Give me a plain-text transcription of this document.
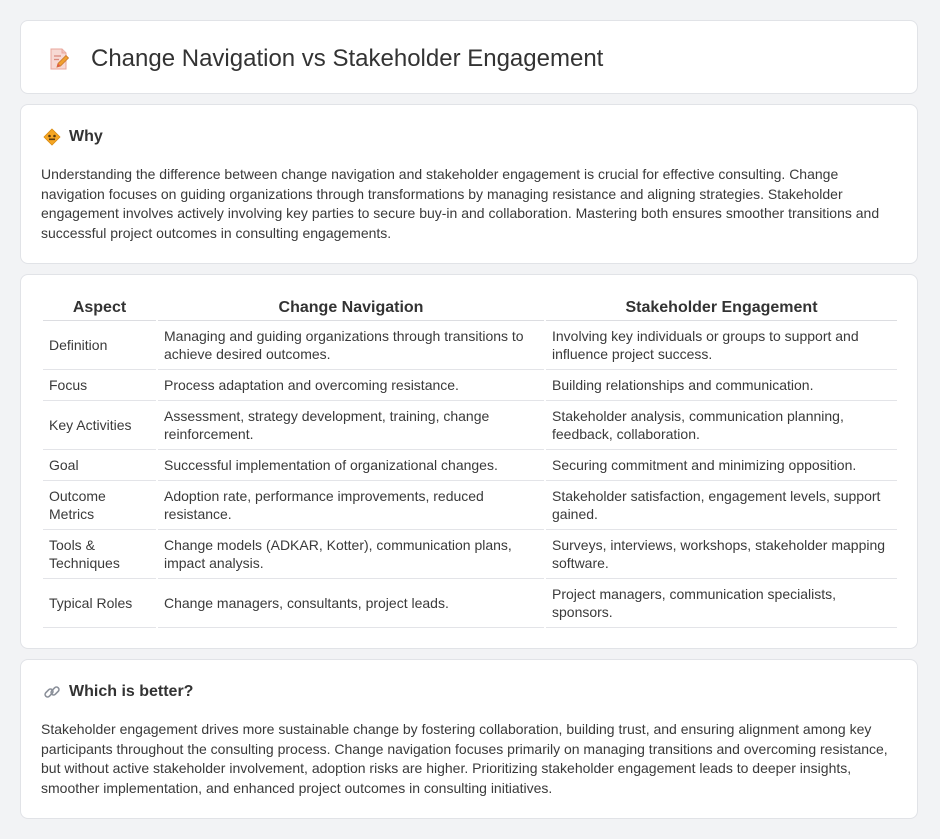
Change Navigation vs Stakeholder Engagement
Why

Understanding the difference between change navigation and stakeholder engagement is crucial for effective consulting. Change navigation focuses on guiding organizations through transformations by managing resistance and aligning strategies. Stakeholder engagement involves actively involving key parties to secure buy-in and collaboration. Mastering both ensures smoother transitions and successful project outcomes in consulting engagements.

Aspect	Change Navigation	Stakeholder Engagement
Definition	Managing and guiding organizations through transitions to achieve desired outcomes.	Involving key individuals or groups to support and influence project success.
Focus	Process adaptation and overcoming resistance.	Building relationships and communication.
Key Activities	Assessment, strategy development, training, change reinforcement.	Stakeholder analysis, communication planning, feedback, collaboration.
Goal	Successful implementation of organizational changes.	Securing commitment and minimizing opposition.
Outcome Metrics	Adoption rate, performance improvements, reduced resistance.	Stakeholder satisfaction, engagement levels, support gained.
Tools & Techniques	Change models (ADKAR, Kotter), communication plans, impact analysis.	Surveys, interviews, workshops, stakeholder mapping software.
Typical Roles	Change managers, consultants, project leads.	Project managers, communication specialists, sponsors.
Which is better?

Stakeholder engagement drives more sustainable change by fostering collaboration, building trust, and ensuring alignment among key participants throughout the consulting process. Change navigation focuses primarily on managing transitions and overcoming resistance, but without active stakeholder involvement, adoption risks are higher. Prioritizing stakeholder engagement leads to deeper insights, smoother implementation, and enhanced project outcomes in consulting initiatives.
